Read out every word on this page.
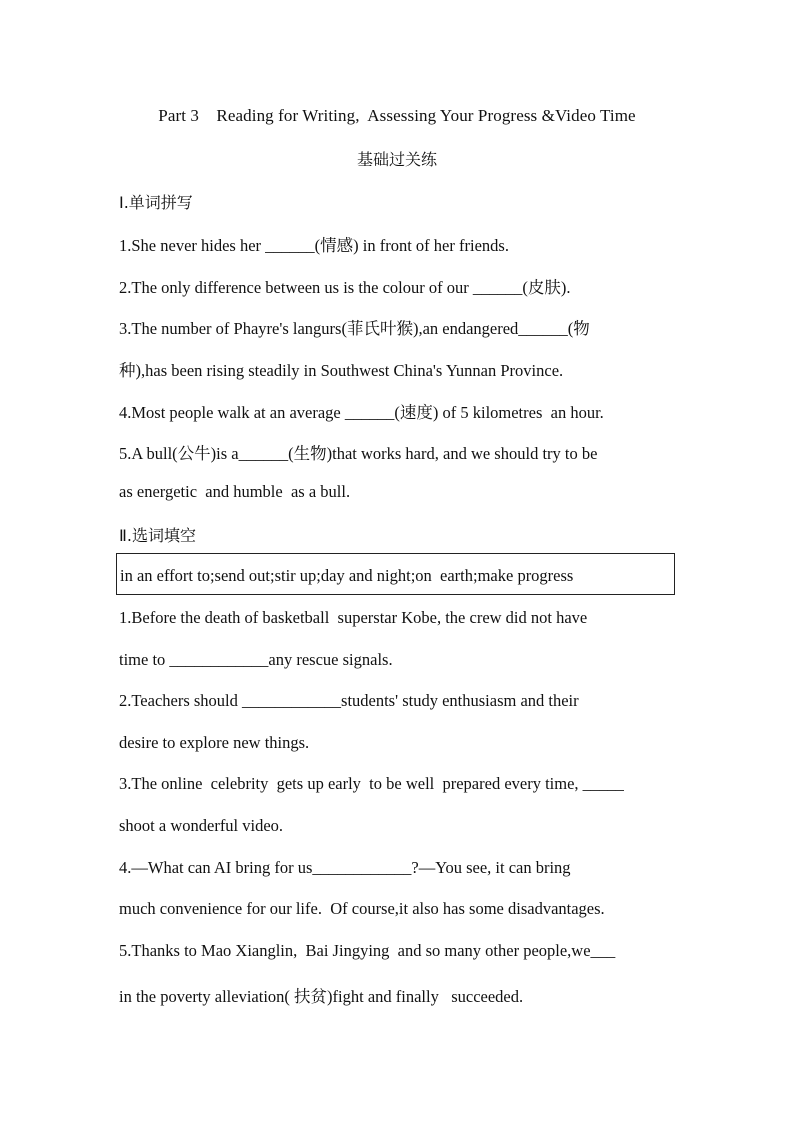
Part 3    Reading for Writing,  Assessing Your Progress &Video Time
基础过关练
Ⅰ.单词拼写
1.She never hides her ______(情感) in front of her friends.
2.The only difference between us is the colour of our ______(皮肤).
3.The number of Phayre's langurs(菲氏叶猴),an endangered______(物
种),has been rising steadily in Southwest China's Yunnan Province.
4.Most people walk at an average ______(速度) of 5 kilometres  an hour.
5.A bull(公牛)is a______(生物)that works hard, and we should try to be
as energetic  and humble  as a bull.
Ⅱ.选词填空
in an effort to;send out;stir up;day and night;on  earth;make progress
1.Before the death of basketball  superstar Kobe, the crew did not have
time to ____________any rescue signals.
2.Teachers should ____________students' study enthusiasm and their
desire to explore new things.
3.The online  celebrity  gets up early  to be well  prepared every time, _____
shoot a wonderful video.
4.—What can AI bring for us____________?—You see, it can bring
much convenience for our life.  Of course,it also has some disadvantages.
5.Thanks to Mao Xianglin,  Bai Jingying  and so many other people,we___
in the poverty alleviation( 扶贫)fight and finally   succeeded.
